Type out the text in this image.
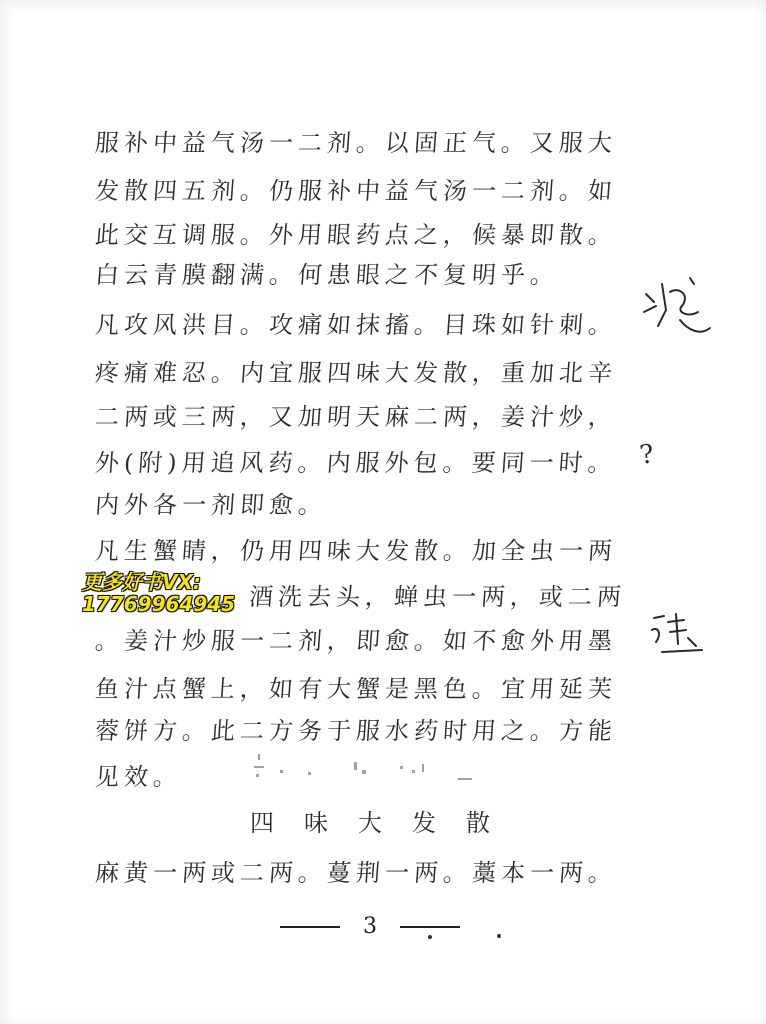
服补中益气汤一二剂。以固正气。又服大
发散四五剂。仍服补中益气汤一二剂。如
此交互调服。外用眼药点之，候暴即散。
白云青膜翻满。何患眼之不复明乎。
凡攻风洪目。攻痛如抹搐。目珠如针刺。
疼痛难忍。内宜服四味大发散，重加北辛
二两或三两，又加明天麻二两，姜汁炒，
外(附)用追风药。内服外包。要同一时。
内外各一剂即愈。
凡生蟹睛，仍用四味大发散。加全虫一两
。酒洗去头，蝉虫一两，或二两
。姜汁炒服一二剂，即愈。如不愈外用墨
鱼汁点蟹上，如有大蟹是黑色。宜用延芙
蓉饼方。此二方务于服水药时用之。方能
见效。
四味大发散
麻黄一两或二两。蔓荆一两。藁本一两。
3
?
更多好书VX:
17769964945
